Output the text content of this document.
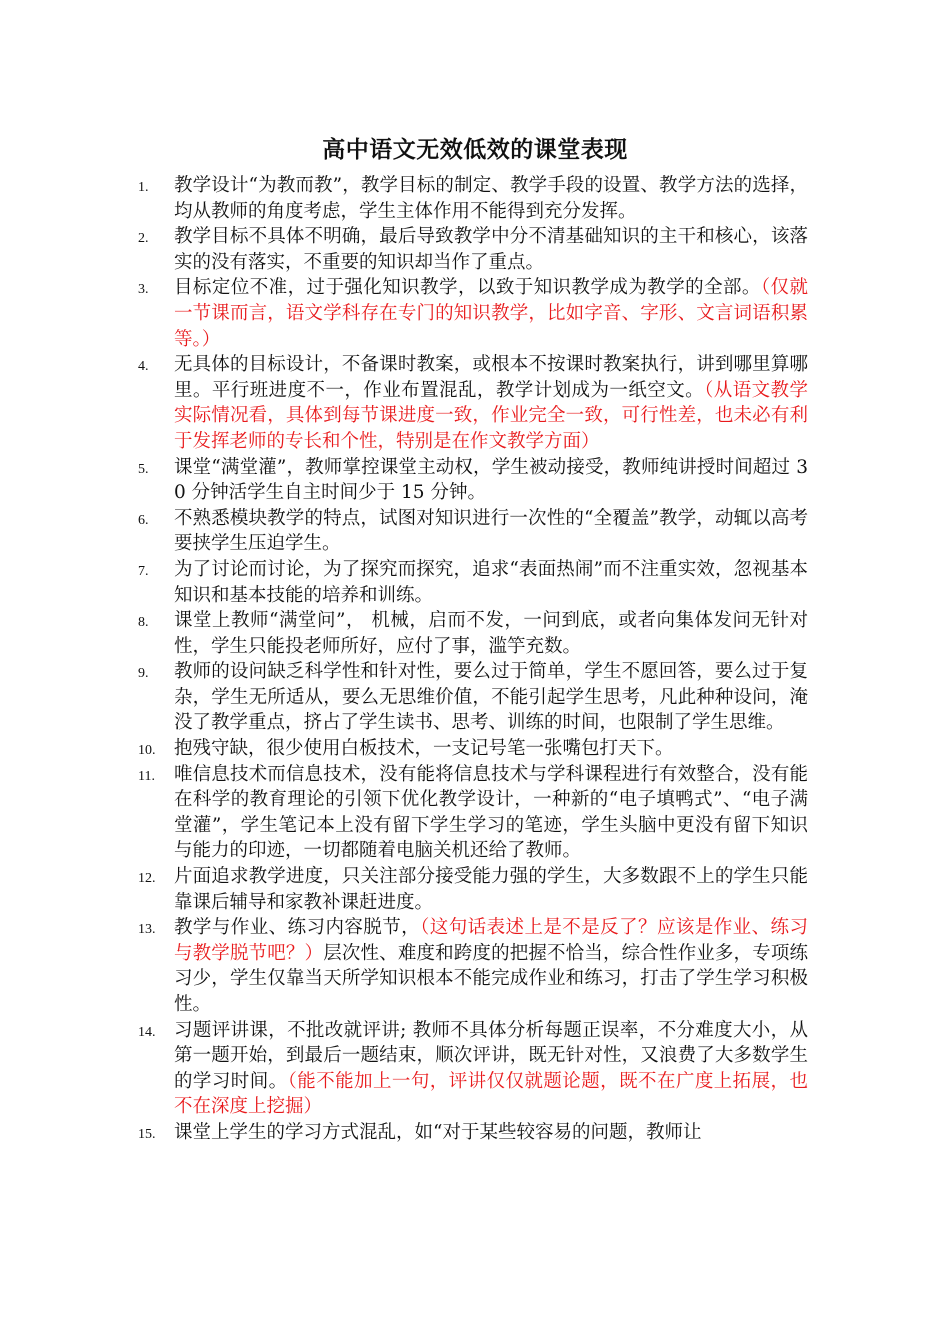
高中语文无效低效的课堂表现
1.	教学设计“为教而教”，教学目标的制定、教学手段的设置、教学方法的选择，均从教师的角度考虑，学生主体作用不能得到充分发挥。
2.	教学目标不具体不明确，最后导致教学中分不清基础知识的主干和核心，该落实的没有落实，不重要的知识却当作了重点。
3.	目标定位不准，过于强化知识教学，以致于知识教学成为教学的全部。（仅就一节课而言，语文学科存在专门的知识教学，比如字音、字形、文言词语积累等。）
4.	无具体的目标设计，不备课时教案，或根本不按课时教案执行，讲到哪里算哪里。平行班进度不一，作业布置混乱，教学计划成为一纸空文。（从语文教学实际情况看，具体到每节课进度一致，作业完全一致，可行性差，也未必有利于发挥老师的专长和个性，特别是在作文教学方面）
5.	课堂“满堂灌”，教师掌控课堂主动权，学生被动接受，教师纯讲授时间超过 30 分钟活学生自主时间少于 15 分钟。
6.	不熟悉模块教学的特点，试图对知识进行一次性的“全覆盖”教学，动辄以高考要挟学生压迫学生。
7.	为了讨论而讨论，为了探究而探究，追求“表面热闹”而不注重实效，忽视基本知识和基本技能的培养和训练。
8.	课堂上教师“满堂问”， 机械，启而不发，一问到底，或者向集体发问无针对性，学生只能投老师所好，应付了事，滥竽充数。
9.	教师的设问缺乏科学性和针对性，要么过于简单，学生不愿回答，要么过于复杂，学生无所适从，要么无思维价值，不能引起学生思考，凡此种种设问，淹没了教学重点，挤占了学生读书、思考、训练的时间，也限制了学生思维。
10.	抱残守缺，很少使用白板技术，一支记号笔一张嘴包打天下。
11.	唯信息技术而信息技术，没有能将信息技术与学科课程进行有效整合，没有能在科学的教育理论的引领下优化教学设计，一种新的“电子填鸭式”、“电子满堂灌”，学生笔记本上没有留下学生学习的笔迹，学生头脑中更没有留下知识与能力的印迹，一切都随着电脑关机还给了教师。
12.	片面追求教学进度，只关注部分接受能力强的学生，大多数跟不上的学生只能靠课后辅导和家教补课赶进度。
13.	教学与作业、练习内容脱节，（这句话表述上是不是反了？应该是作业、练习与教学脱节吧？）层次性、难度和跨度的把握不恰当，综合性作业多，专项练习少，学生仅靠当天所学知识根本不能完成作业和练习，打击了学生学习积极性。
14.	习题评讲课，不批改就评讲; 教师不具体分析每题正误率，不分难度大小，从第一题开始，到最后一题结束，顺次评讲，既无针对性，又浪费了大多数学生的学习时间。（能不能加上一句，评讲仅仅就题论题，既不在广度上拓展，也不在深度上挖掘）
15.	课堂上学生的学习方式混乱，如“对于某些较容易的问题，教师让
